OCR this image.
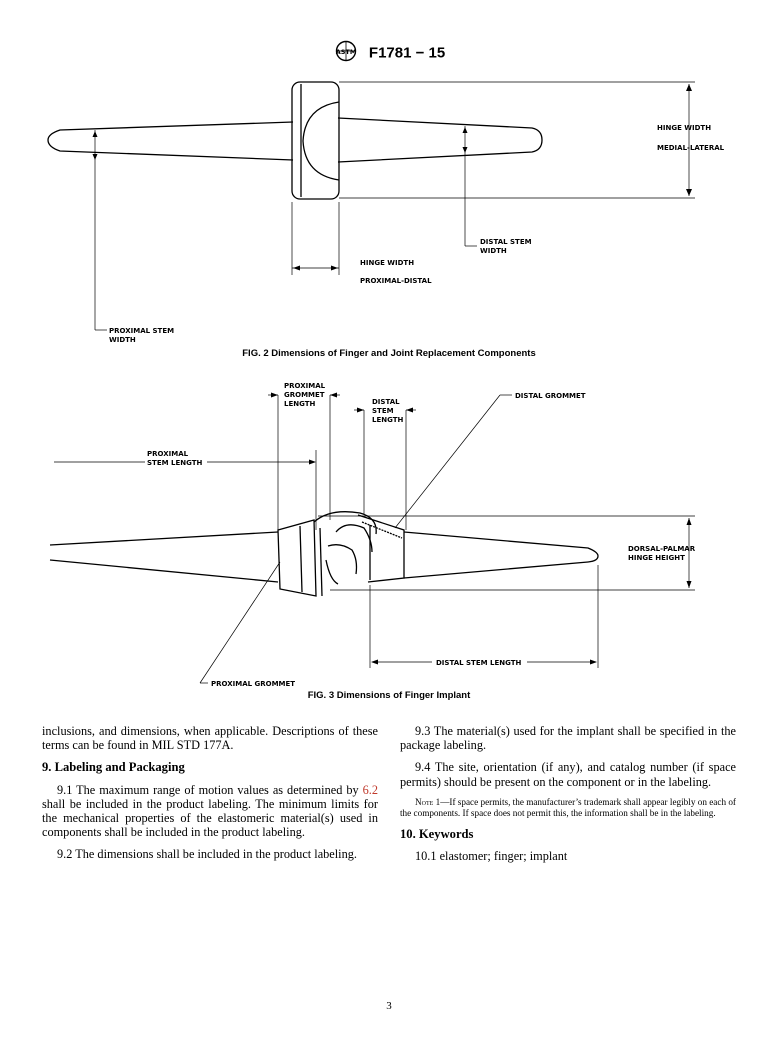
ASTM F1781 − 15
HINGE WIDTH
MEDIAL-LATERAL
DISTAL STEM
WIDTH
HINGE WIDTH
PROXIMAL-DISTAL
PROXIMAL STEM
WIDTH
FIG. 2 Dimensions of Finger and Joint Replacement Components
PROXIMAL
GROMMET
LENGTH	DISTAL
STEM
LENGTH
DISTAL GROMMET
PROXIMAL
STEM LENGTH
DORSAL-PALMAR
HINGE HEIGHT
DISTAL STEM LENGTH
PROXIMAL GROMMET
FIG. 3 Dimensions of Finger Implant

inclusions, and dimensions, when applicable. Descriptions of these terms can be found in MIL STD 177A.

9. Labeling and Packaging

9.1 The maximum range of motion values as determined by 6.2 shall be included in the product labeling. The minimum limits for the mechanical properties of the elastomeric material(s) used in components shall be included in the product labeling.

9.2 The dimensions shall be included in the product labeling.

9.3 The material(s) used for the implant shall be specified in the package labeling.

9.4 The site, orientation (if any), and catalog number (if space permits) should be present on the component or in the labeling.

Note 1—If space permits, the manufacturer’s trademark shall appear legibly on each of the components. If space does not permit this, the information shall be in the labeling.

10. Keywords

10.1 elastomer; finger; implant

3
